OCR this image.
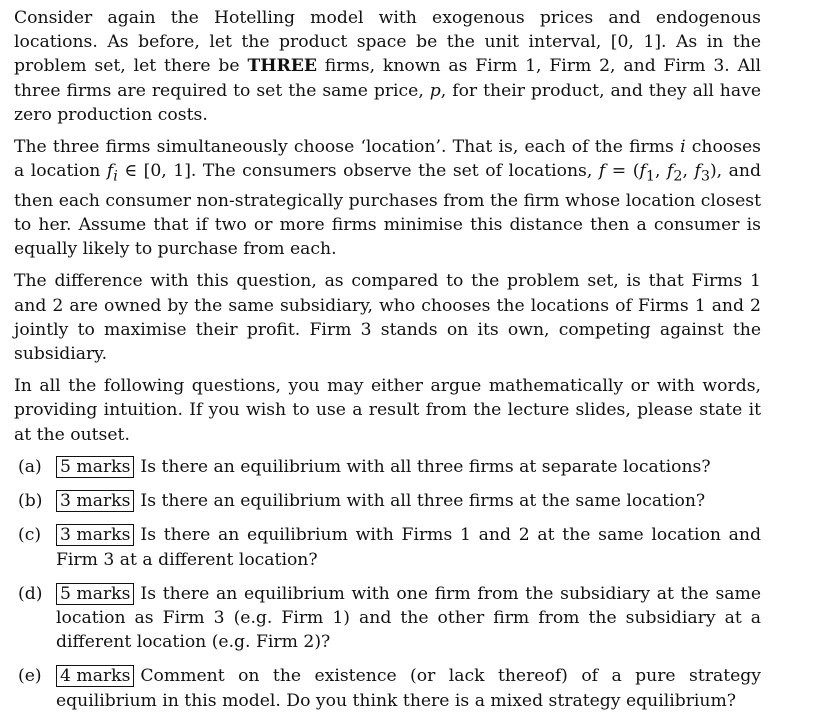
Consider again the Hotelling model with exogenous prices and endogenous locations. As before, let the product space be the unit interval, [0, 1]. As in the problem set, let there be THREE firms, known as Firm 1, Firm 2, and Firm 3. All three firms are required to set the same price, p, for their product, and they all have zero production costs.

The three firms simultaneously choose ‘location’. That is, each of the firms i chooses a location $f_i$ ∈ [0, 1]. The consumers observe the set of locations, $f = (f_1$, $f_2$, $f_3$), and then each consumer non-strategically purchases from the firm whose location closest to her. Assume that if two or more firms minimise this distance then a consumer is equally likely to purchase from each.

The difference with this question, as compared to the problem set, is that Firms 1 and 2 are owned by the same subsidiary, who chooses the locations of Firms 1 and 2 jointly to maximise their profit. Firm 3 stands on its own, competing against the subsidiary.

In all the following questions, you may either argue mathematically or with words, providing intuition. If you wish to use a result from the lecture slides, please state it at the outset.

(a) 5 marks Is there an equilibrium with all three firms at separate locations?
(b) 3 marks Is there an equilibrium with all three firms at the same location?
(c) 3 marks Is there an equilibrium with Firms 1 and 2 at the same location and Firm 3 at a different location?
(d) 5 marks Is there an equilibrium with one firm from the subsidiary at the same location as Firm 3 (e.g. Firm 1) and the other firm from the subsidiary at a different location (e.g. Firm 2)?
(e) 4 marks Comment on the existence (or lack thereof) of a pure strategy equilibrium in this model. Do you think there is a mixed strategy equilibrium?
